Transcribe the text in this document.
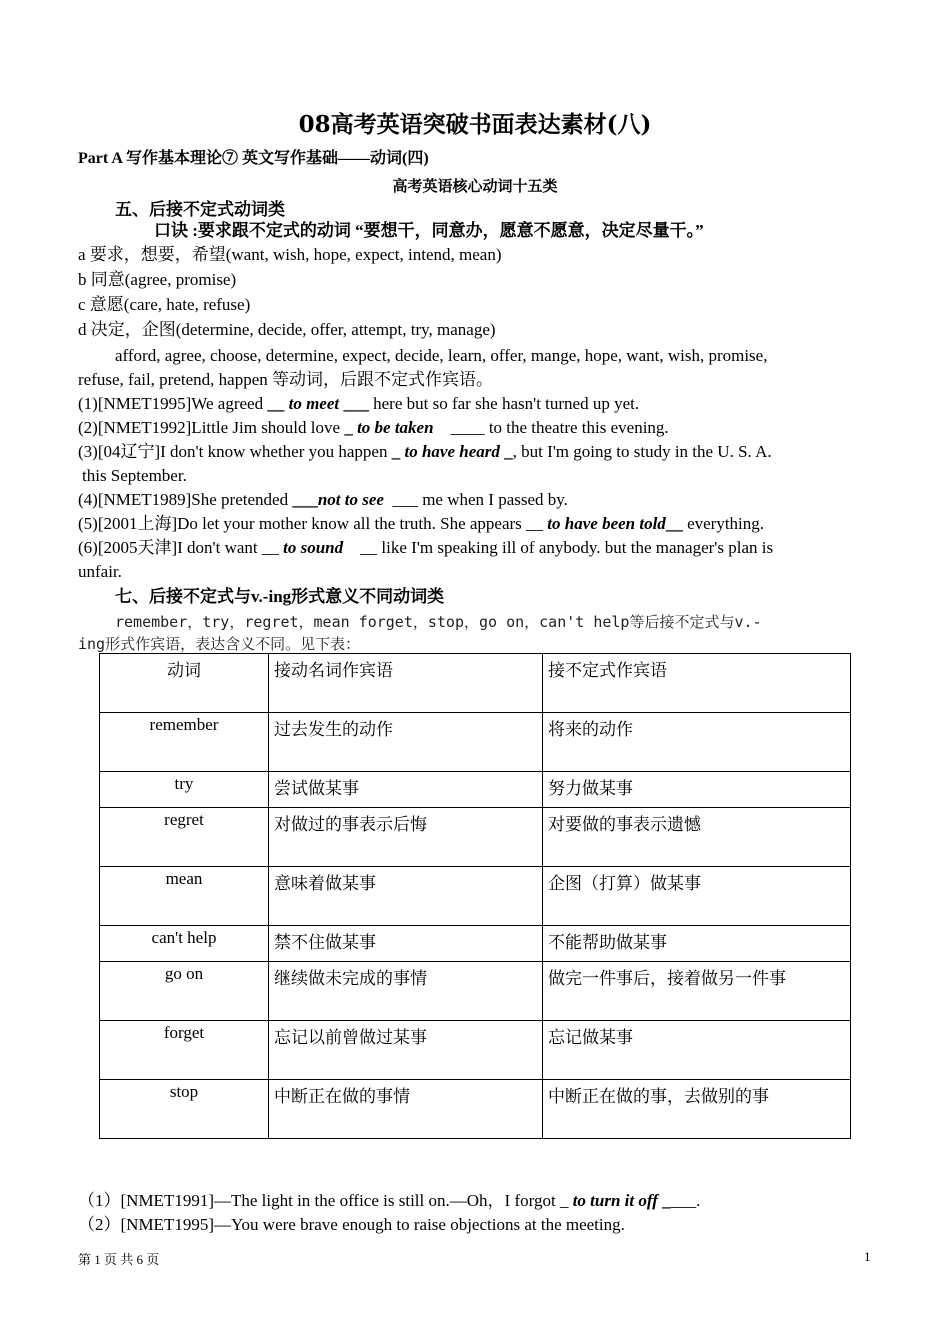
08高考英语突破书面表达素材(八)
Part A 写作基本理论⑦ 英文写作基础——动词(四)
高考英语核心动词十五类
五、后接不定式动词类
口诀 :要求跟不定式的动词 “要想干，同意办，愿意不愿意，决定尽量干。”
a 要求，想要，希望(want, wish, hope, expect, intend, mean)
b 同意(agree, promise)
c 意愿(care, hate, refuse)
d 决定，企图(determine, decide, offer, attempt, try, manage)
afford, agree, choose, determine, expect, decide, learn, offer, mange, hope, want, wish, promise,
refuse, fail, pretend, happen 等动词，后跟不定式作宾语。
(1)[NMET1995]We agreed __ to meet ___ here but so far she hasn't turned up yet.
(2)[NMET1992]Little Jim should love _ to be taken    ____ to the theatre this evening.
(3)[04辽宁]I don't know whether you happen _ to have heard _, but I'm going to study in the U. S. A.
this September.
(4)[NMET1989]She pretended ___not to see  ___ me when I passed by.
(5)[2001上海]Do let your mother know all the truth. She appears __ to have been told__ everything.
(6)[2005天津]I don't want __ to sound    __ like I'm speaking ill of anybody. but the manager's plan is
unfair.
七、后接不定式与v.-ing形式意义不同动词类
remember，try，regret，mean forget，stop，go on，can't help等后接不定式与v.-
ing形式作宾语，表达含义不同。见下表：
动词	接动名词作宾语	接不定式作宾语
remember	过去发生的动作	将来的动作
try	尝试做某事	努力做某事
regret	对做过的事表示后悔	对要做的事表示遗憾
mean	意味着做某事	企图（打算）做某事
can't help	禁不住做某事	不能帮助做某事
go on	继续做未完成的事情	做完一件事后，接着做另一件事
forget	忘记以前曾做过某事	忘记做某事
stop	中断正在做的事情	中断正在做的事，去做别的事
（1）[NMET1991]—The light in the office is still on.—Oh，I forgot _ to turn it off ____.
（2）[NMET1995]—You were brave enough to raise objections at the meeting.
第 1 页 共 6 页	1
